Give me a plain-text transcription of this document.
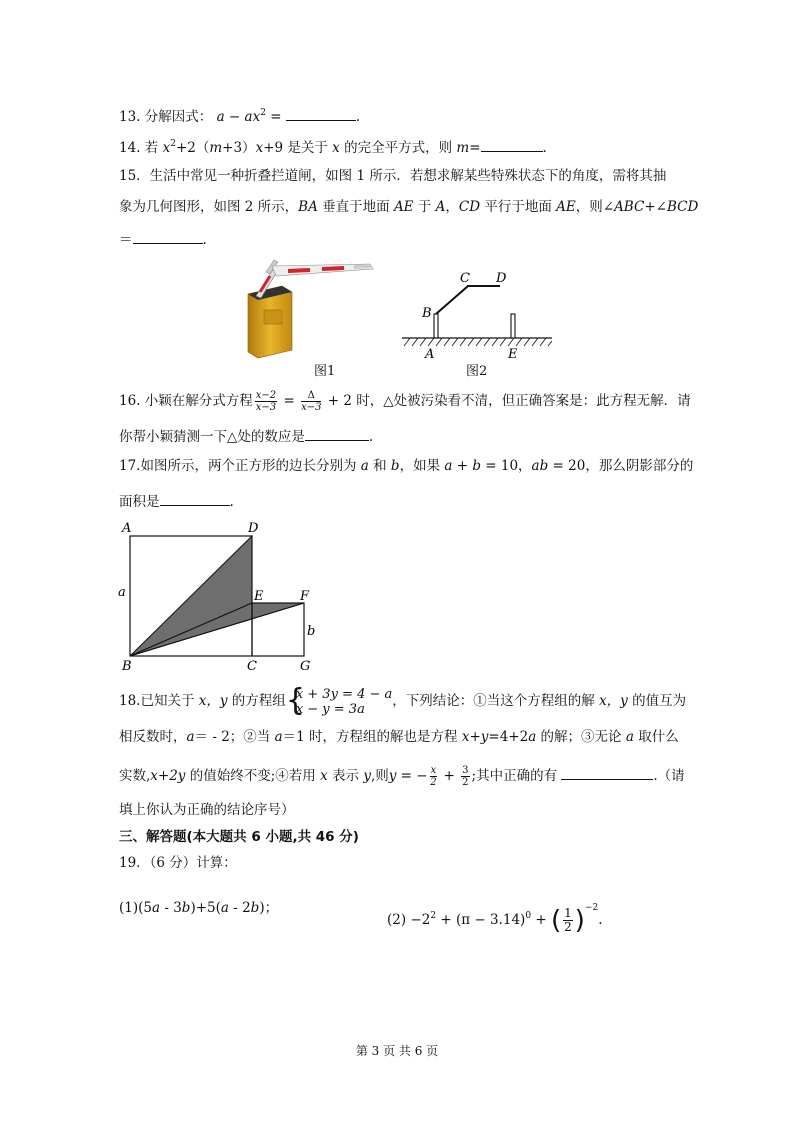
13. 分解因式： $a - ax^2$ =	.
14. 若 $x^2+2(m+3)x+9$ 是关于 x 的完全平方式，则 m=	.
15．生活中常见一种折叠拦道闸，如图 1 所示．若想求解某些特殊状态下的角度，需将其抽
象为几何图形，如图 2 所示，BA 垂直于地面 AE 于 A，CD 平行于地面 AE，则∠ABC+∠BCD
＝	.
图1
B
C D
A	E
图2
16. 小颖在解分式方程 $\frac{x-2}{x-3} = \frac{\Delta}{x-3} + 2$ 时，△处被污染看不清，但正确答案是：此方程无解．请
你帮小颖猜测一下△处的数应是	.
17.如图所示，两个正方形的边长分别为 a 和 b，如果 a + b = 10，ab = 20，那么阴影部分的
面积是	.
A	D
a	E	F
b
B	C	G
18.已知关于 x，y 的方程组 {
x + 3y = 4 − a
x − y = 3a	，下列结论：①当这个方程组的解 x，y 的值互为
相反数时，a＝ - 2；②当 a＝1 时，方程组的解也是方程 x+y=4+2a 的解；③无论 a 取什么
实数,x+2y 的值始终不变;④若用 x 表示 y,则y = − $\frac{x}{2} + \frac{3}{2}$ ;其中正确的有	.（请
填上你认为正确的结论序号）
三、解答题(本大题共 6 小题,共 46 分)
19．（6 分）计算：
(1)(5a - 3b)+5(a - 2b)；
$(2) -2^2 + (\pi - 3.14)^0$ + ( $\frac{1}{2} )^{-2}$.
第 3 页 共 6 页
